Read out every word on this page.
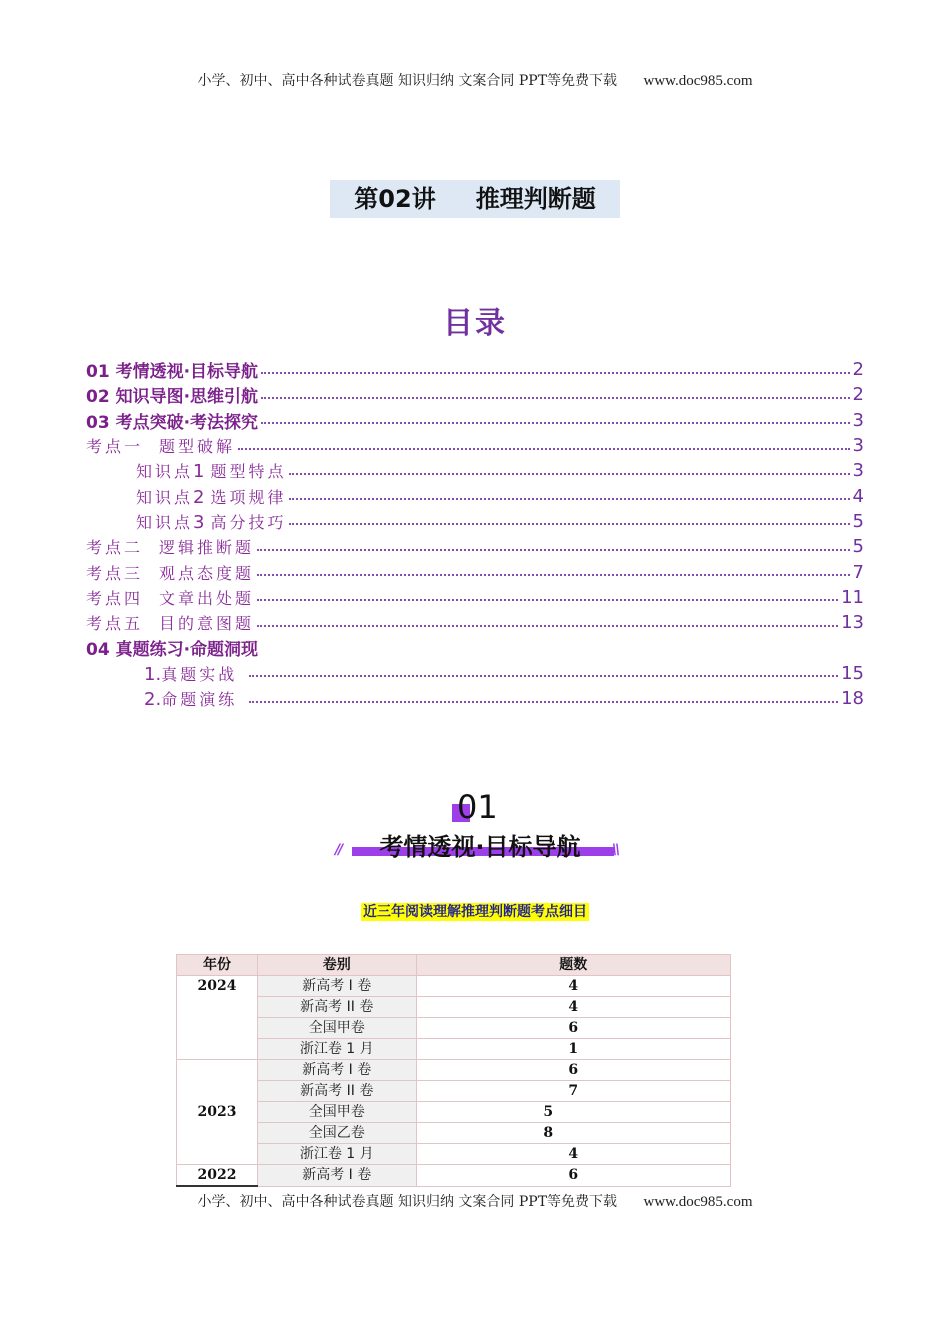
小学、初中、高中各种试卷真题 知识归纳 文案合同 PPT等免费下载 www.doc985.com
第02讲 推理判断题
目录
01 考情透视·目标导航	2
02 知识导图·思维引航	2
03 考点突破·考法探究	3
考点一 题型破解	3
知识点1 题型特点	3
知识点2 选项规律	4
知识点3 高分技巧	5
考点二 逻辑推断题	5
考点三 观点态度题	7
考点四 文章出处题	11
考点五 目的意图题	13
04 真题练习·命题洞现
1.真题实战	15
2.命题演练	18
01
//	考情透视·目标导航	\\
近三年阅读理解推理判断题考点细目
年份	卷别	题数
2024	新高考 I 卷	4
	新高考 II 卷	4
	全国甲卷	6
	浙江卷 1 月	1
2023	新高考 I 卷	6
	新高考 II 卷	7
	全国甲卷	5
	全国乙卷	8
	浙江卷 1 月	4
2022	新高考 I 卷	6
小学、初中、高中各种试卷真题 知识归纳 文案合同 PPT等免费下载 www.doc985.com
